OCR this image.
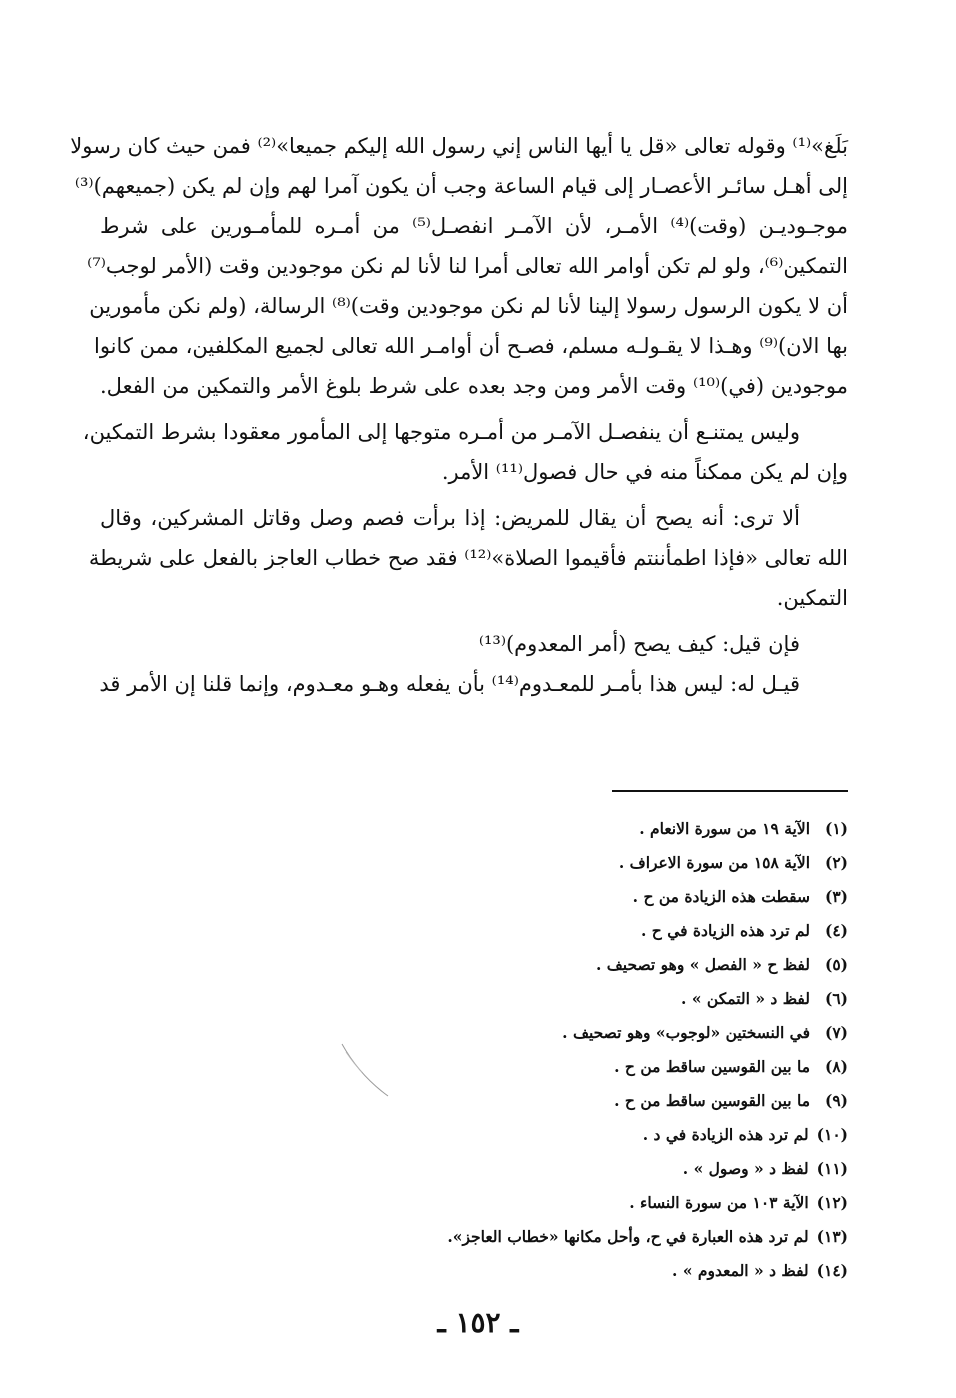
بَلَغ»⁽¹⁾ وقوله تعالى «قل يا أيها الناس إني رسول الله إليكم جميعا»⁽²⁾ فمن حيث كان رسولا
إلى أهـل سائـر الأعصـار إلى قيام الساعة وجب أن يكون آمرا لهم وإن لم يكن (جميعهم)⁽³⁾
موجـوديـن (وقت)⁽⁴⁾ الأمـر، لأن الآمـر انفصـل⁽⁵⁾ من أمـره للمأمـورين على شرط
التمكين⁽⁶⁾، ولو لم تكن أوامر الله تعالى أمرا لنا لأنا لم نكن موجودين وقت (الأمر لوجب⁽⁷⁾
أن لا يكون الرسول رسولا إلينا لأنا لم نكن موجودين وقت)⁽⁸⁾ الرسالة، (ولم نكن مأمورين
بها الان)⁽⁹⁾ وهـذا لا يقـولـه مسلم، فصـح أن أوامـر الله تعالى لجميع المكلفين، ممن كانوا
موجودين (في)⁽¹⁰⁾ وقت الأمر ومن وجد بعده على شرط بلوغ الأمر والتمكين من الفعل.
وليس يمتنـع أن ينفصـل الآمـر من أمـره متوجها إلى المأمور معقودا بشرط التمكين،
وإن لم يكن ممكناً منه في حال فصول⁽¹¹⁾ الأمر.
ألا ترى: أنه يصح أن يقال للمريض: إذا برأت فصم وصل وقاتل المشركين، وقال
الله تعالى «فإذا اطمأننتم فأقيموا الصلاة»⁽¹²⁾ فقد صح خطاب العاجز بالفعل على شريطة
التمكين.
فإن قيل: كيف يصح (أمر المعدوم)⁽¹³⁾
قيـل له: ليس هذا بأمـر للمعـدوم⁽¹⁴⁾ بأن يفعله وهـو معـدوم، وإنما قلنا إن الأمر قد
(١)الآية ١٩ من سورة الانعام .
(٢)الآية ١٥٨ من سورة الاعراف .
(٣)سقطت هذه الزيادة من ح .
(٤)لم ترد هذه الزيادة في ح .
(٥)لفظ ح « الفصل » وهو تصحيف .
(٦)لفظ د « التمكن » .
(٧)في النسختين «لوجوب» وهو تصحيف .
(٨)ما بين القوسين ساقط من ح .
(٩)ما بين القوسين ساقط من ح .
(١٠)لم ترد هذه الزيادة في د .
(١١)لفظ د « وصول » .
(١٢)الآية ١٠٣ من سورة النساء .
(١٣)لم ترد هذه العبارة في ح، وأحل مكانها «خطاب العاجز».
(١٤)لفظ د « المعدوم » .
ـ ١٥٢ ـ
